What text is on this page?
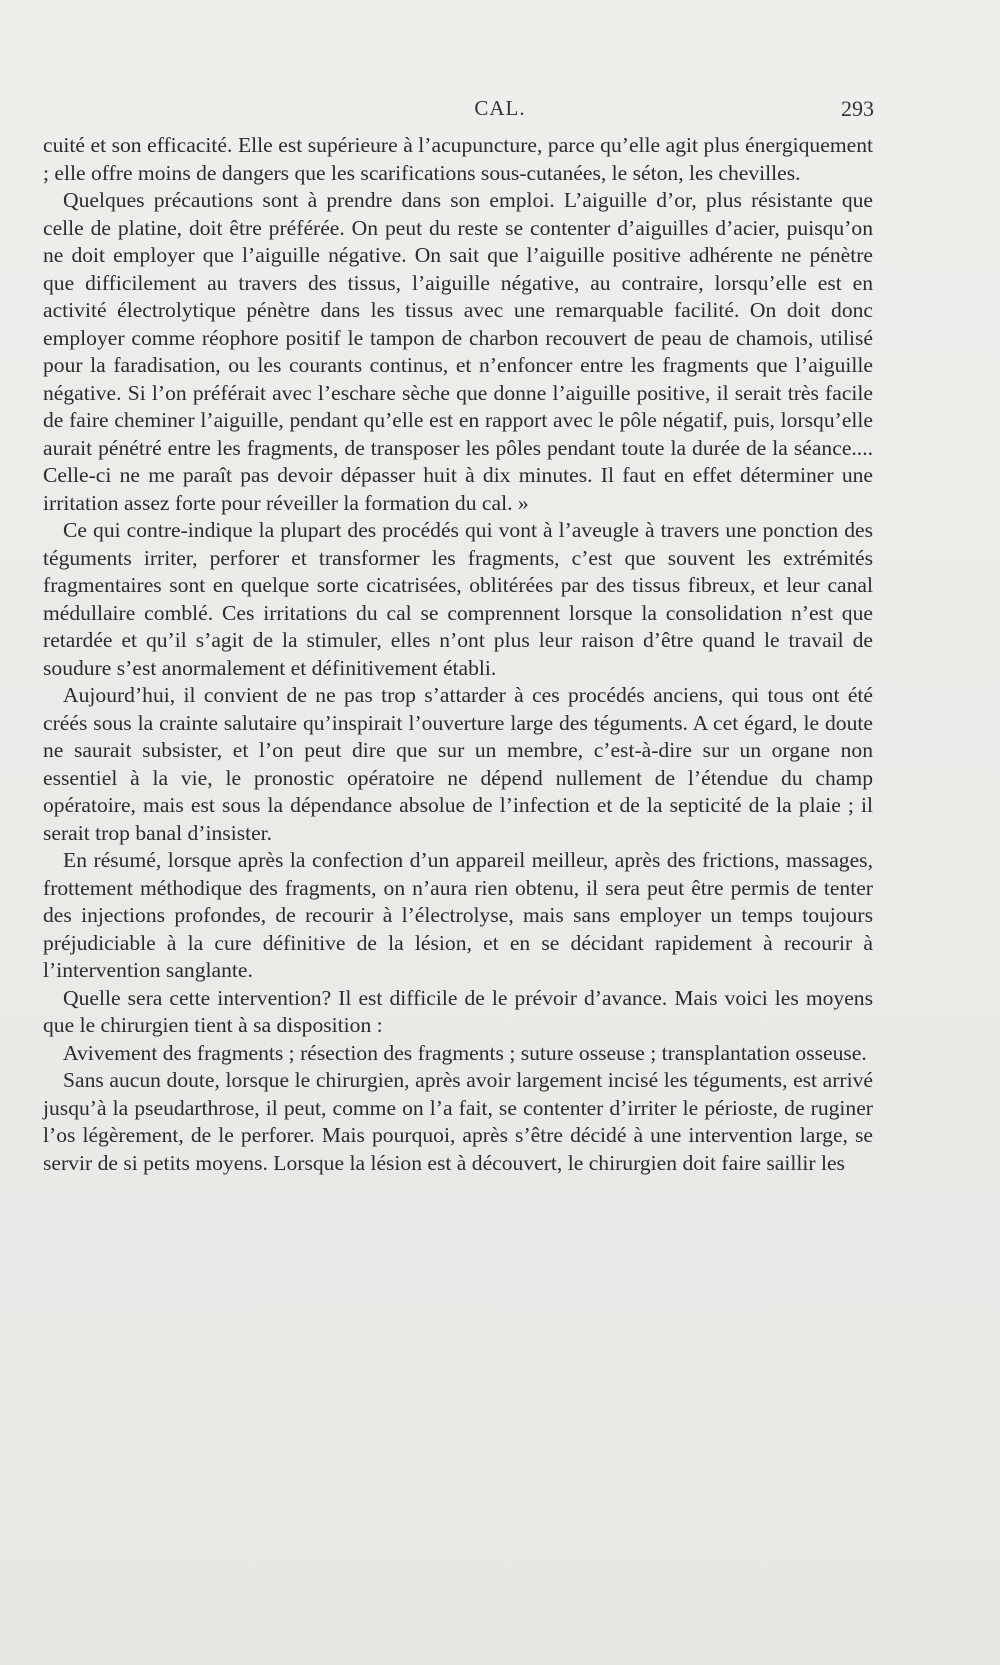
CAL.	293

cuité et son efficacité. Elle est supérieure à l’acupuncture, parce qu’elle agit plus énergiquement ; elle offre moins de dangers que les scarifications sous-cutanées, le séton, les chevilles.

Quelques précautions sont à prendre dans son emploi. L’aiguille d’or, plus résistante que celle de platine, doit être préférée. On peut du reste se contenter d’aiguilles d’acier, puisqu’on ne doit employer que l’aiguille négative. On sait que l’aiguille positive adhérente ne pénètre que difficilement au travers des tissus, l’aiguille négative, au contraire, lorsqu’elle est en activité électrolytique pénètre dans les tissus avec une remarquable facilité. On doit donc employer comme réophore positif le tampon de charbon recouvert de peau de chamois, utilisé pour la faradisation, ou les courants continus, et n’enfoncer entre les fragments que l’aiguille négative. Si l’on préférait avec l’eschare sèche que donne l’aiguille positive, il serait très facile de faire cheminer l’aiguille, pendant qu’elle est en rapport avec le pôle négatif, puis, lorsqu’elle aurait pénétré entre les fragments, de transposer les pôles pendant toute la durée de la séance.... Celle-ci ne me paraît pas devoir dépasser huit à dix minutes. Il faut en effet déterminer une irritation assez forte pour réveiller la formation du cal. »

Ce qui contre-indique la plupart des procédés qui vont à l’aveugle à travers une ponction des téguments irriter, perforer et transformer les fragments, c’est que souvent les extrémités fragmentaires sont en quelque sorte cicatrisées, oblitérées par des tissus fibreux, et leur canal médullaire comblé. Ces irritations du cal se comprennent lorsque la consolidation n’est que retardée et qu’il s’agit de la stimuler, elles n’ont plus leur raison d’être quand le travail de soudure s’est anormalement et définitivement établi.

Aujourd’hui, il convient de ne pas trop s’attarder à ces procédés anciens, qui tous ont été créés sous la crainte salutaire qu’inspirait l’ouverture large des téguments. A cet égard, le doute ne saurait subsister, et l’on peut dire que sur un membre, c’est-à-dire sur un organe non essentiel à la vie, le pronostic opératoire ne dépend nullement de l’étendue du champ opératoire, mais est sous la dépendance absolue de l’infection et de la septicité de la plaie ; il serait trop banal d’insister.

En résumé, lorsque après la confection d’un appareil meilleur, après des frictions, massages, frottement méthodique des fragments, on n’aura rien obtenu, il sera peut être permis de tenter des injections profondes, de recourir à l’électrolyse, mais sans employer un temps toujours préjudiciable à la cure définitive de la lésion, et en se décidant rapidement à recourir à l’intervention sanglante.

Quelle sera cette intervention? Il est difficile de le prévoir d’avance. Mais voici les moyens que le chirurgien tient à sa disposition :

Avivement des fragments ; résection des fragments ; suture osseuse ; transplantation osseuse.

Sans aucun doute, lorsque le chirurgien, après avoir largement incisé les téguments, est arrivé jusqu’à la pseudarthrose, il peut, comme on l’a fait, se contenter d’irriter le périoste, de ruginer l’os légèrement, de le perforer. Mais pourquoi, après s’être décidé à une intervention large, se servir de si petits moyens. Lorsque la lésion est à découvert, le chirurgien doit faire saillir les
